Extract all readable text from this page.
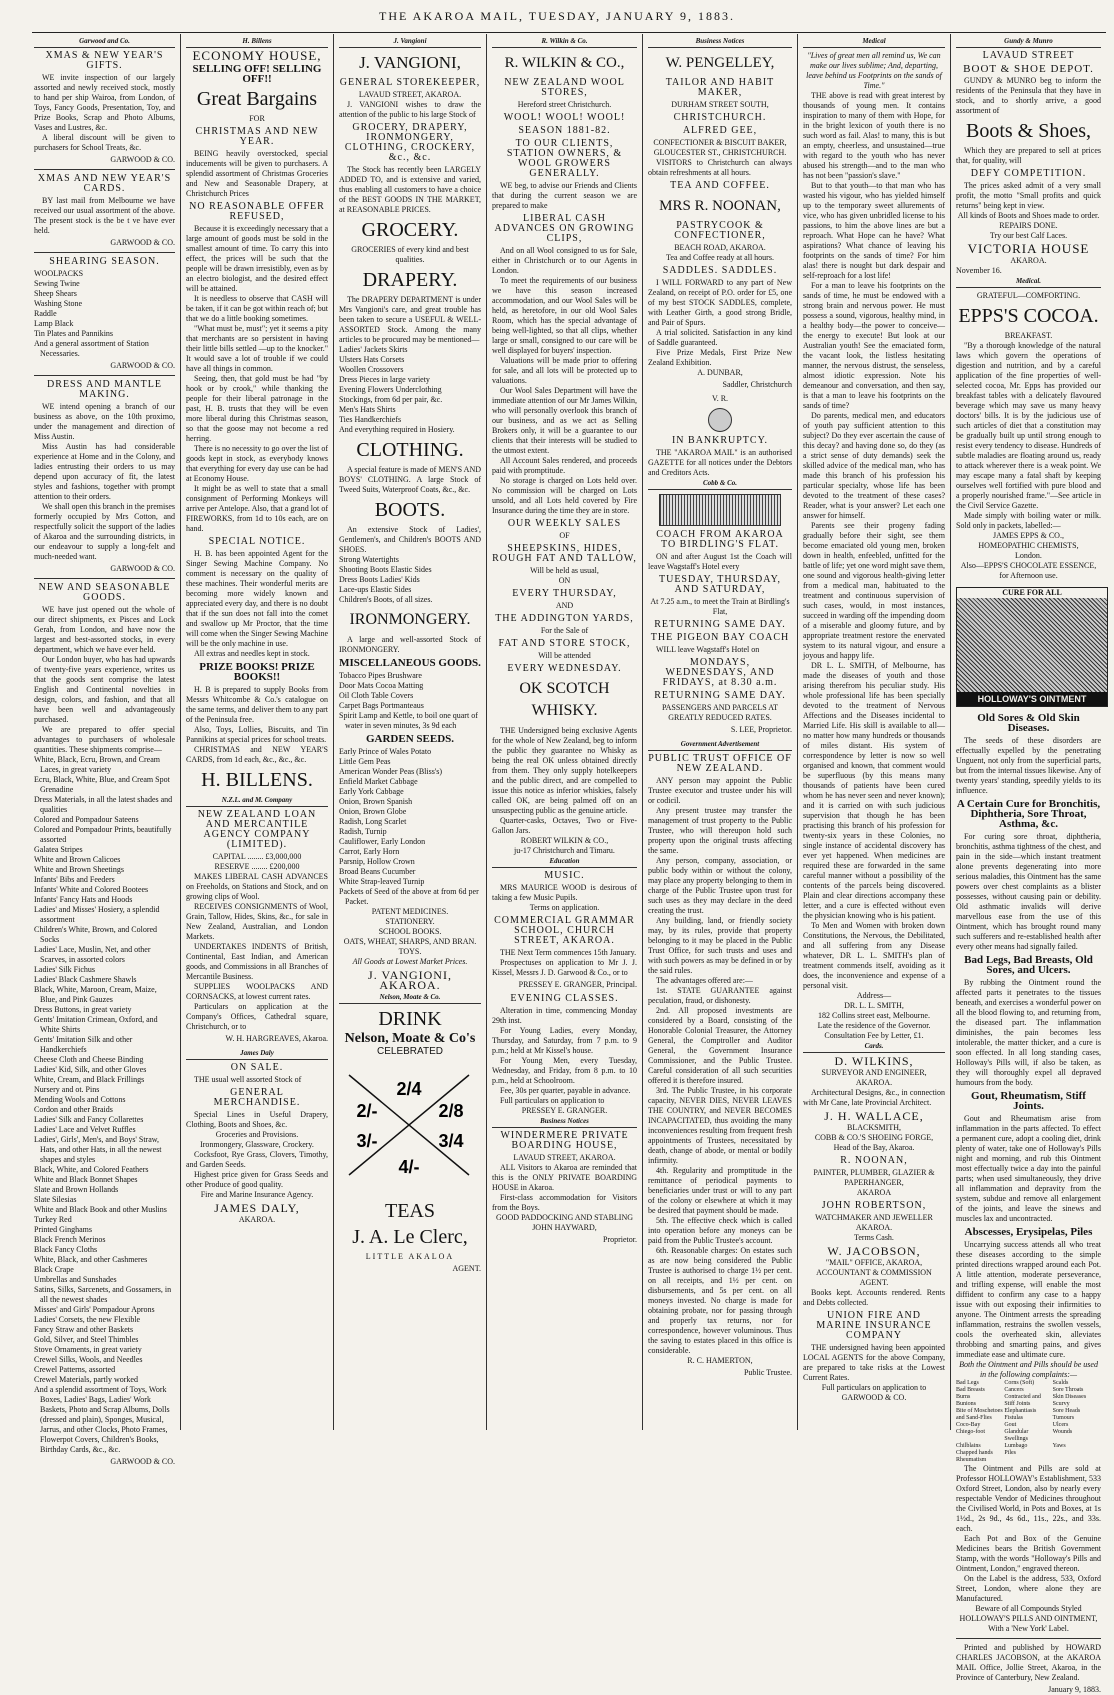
THE AKAROA MAIL, TUESDAY, JANUARY 9, 1883.
Garwood and Co.
XMAS & NEW YEAR'S GIFTS.
WE invite inspection of our largely assorted and newly received stock, mostly to hand per ship Wairoa, from London, of Toys, Fancy Goods, Presentation, Toy, and Prize Books, Scrap and Photo Albums, Vases and Lustres, &c.
A liberal discount will be given to purchasers for School Treats, &c.
GARWOOD & CO.
XMAS AND NEW YEAR'S CARDS.
BY last mail from Melbourne we have received our usual assortment of the above. The present stock is the be t ve have ever held.
GARWOOD & CO.
SHEARING SEASON.
WOOLPACKS
Sewing Twine
Sheep Shears
Washing Stone
Raddle
Lamp Black
Tin Plates and Pannikins
And a general assortment of Station Necessaries.
GARWOOD & CO.
DRESS AND MANTLE MAKING.
WE intend opening a branch of our business as above, on the 10th proximo, under the management and direction of Miss Austin.
Miss Austin has had considerable experience at Home and in the Colony, and ladies entrusting their orders to us may depend upon accuracy of fit, the latest styles and fashions, together with prompt attention to their orders.
We shall open this branch in the premises formerly occupied by Mrs Cotton, and respectfully solicit the support of the ladies of Akaroa and the surrounding districts, in our endeavour to supply a long-felt and much-needed want.
GARWOOD & CO.
NEW AND SEASONABLE GOODS.
WE have just opened out the whole of our direct shipments, ex Pisces and Lock Gerah, from London, and have now the largest and best-assorted stocks, in every department, which we have ever held.
Our London buyer, who has had upwards of twenty-five years experience, writes us that the goods sent comprise the latest English and Continental novelties in design, colors, and fashion, and that all have been well and advantageously purchased.
We are prepared to offer special advantages to purchasers of wholesale quantities. These shipments comprise—
White, Black, Ecru, Brown, and Cream Laces, in great variety
Ecru, Black, White, Blue, and Cream Spot Grenadine
Dress Materials, in all the latest shades and qualities
Colored and Pompadour Sateens
Colored and Pompadour Prints, beautifully assorted
Galatea Stripes
White and Brown Calicoes
White and Brown Sheetings
Infants' Bibs and Feeders
Infants' White and Colored Bootees
Infants' Fancy Hats and Hoods
Ladies' and Misses' Hosiery, a splendid assortment
Children's White, Brown, and Colored Socks
Ladies' Lace, Muslin, Net, and other Scarves, in assorted colors
Ladies' Silk Fichus
Ladies' Black Cashmere Shawls
Black, White, Maroon, Cream, Maize, Blue, and Pink Gauzes
Dress Buttons, in great variety
Gents' Imitation Crimean, Oxford, and White Shirts
Gents' Imitation Silk and other Handkerchiefs
Cheese Cloth and Cheese Binding
Ladies' Kid, Silk, and other Gloves
White, Cream, and Black Frillings
Nursery and ot. Pins
Mending Wools and Cottons
Cordon and other Braids
Ladies' Silk and Fancy Collarettes
Ladies' Lace and Velvet Ruffles
Ladies', Girls', Men's, and Boys' Straw, Hats, and other Hats, in all the newest shapes and styles
Black, White, and Colored Feathers
White and Black Bonnet Shapes
Slate and Brown Hollands
Slate Silesias
White and Black Book and other Muslins
Turkey Red
Printed Ginghams
Black French Merinos
Black Fancy Cloths
White, Black, and other Cashmeres
Black Crape
Umbrellas and Sunshades
Satins, Silks, Sarcenets, and Gossamers, in all the newest shades
Misses' and Girls' Pompadour Aprons
Ladies' Corsets, the new Flexible
Fancy Straw and other Baskets
Gold, Silver, and Steel Thimbles
Stove Ornaments, in great variety
Crewel Silks, Wools, and Needles
Crewel Patterns, assorted
Crewel Materials, partly worked
And a splendid assortment of Toys, Work Boxes, Ladies' Bags, Ladies' Work Baskets, Photo and Scrap Albums, Dolls (dressed and plain), Sponges, Musical, Jarrus, and other Clocks, Photo Frames, Flowerpot Covers, Children's Books, Birthday Cards, &c., &c.
GARWOOD & CO.
H. Billens
ECONOMY HOUSE,
SELLING OFF! SELLING OFF!!
Great Bargains
FOR
CHRISTMAS AND NEW YEAR.
BEING heavily overstocked, special inducements will be given to purchasers. A splendid assortment of Christmas Groceries and New and Seasonable Drapery, at Christchurch Prices
NO REASONABLE OFFER REFUSED,
Because it is exceedingly necessary that a large amount of goods must be sold in the smallest amount of time. To carry this into effect, the prices will be such that the people will be drawn irresistibly, even as by an electro biologist, and the desired effect will be attained.
It is needless to observe that CASH will be taken, if it can be got within reach of; but that we do a little booking sometimes.
"What must be, must"; yet it seems a pity that merchants are so persistent in having their little bills settled —up to the knocker." It would save a lot of trouble if we could have all things in common.
Seeing, then, that gold must be had "by hook or by crook," while thanking the people for their liberal patronage in the past, H. B. trusts that they will be even more liberal during this Christmas season, so that the goose may not become a red herring.
There is no necessity to go over the list of goods kept in stock, as everybody knows that everything for every day use can be had at Economy House.
It might be as well to state that a small consignment of Performing Monkeys will arrive per Antelope. Also, that a grand lot of FIREWORKS, from 1d to 10s each, are on hand.
SPECIAL NOTICE.
H. B. has been appointed Agent for the Singer Sewing Machine Company. No comment is necessary on the quality of these machines. Their wonderful merits are becoming more widely known and appreciated every day, and there is no doubt that if the sun does not fall into the comet and swallow up Mr Proctor, that the time will come when the Singer Sewing Machine will be the only machine in use.
All extras and needles kept in stock.
PRIZE BOOKS! PRIZE BOOKS!!
H. B is prepared to supply Books from Messrs Whitcombe & Co.'s catalogue on the same terms, and deliver them to any part of the Peninsula free.
Also, Toys, Lollies, Biscuits, and Tin Pannikins at special prices for school treats.
CHRISTMAS and NEW YEAR'S CARDS, from 1d each, &c., &c., &c.
H. BILLENS.
N.Z.L. and M. Company
NEW ZEALAND LOAN AND MERCANTILE AGENCY COMPANY (LIMITED).
CAPITAL ........ £3,000,000
RESERVE ........ £200,000
MAKES LIBERAL CASH ADVANCES on Freeholds, on Stations and Stock, and on growing clips of Wool.
RECEIVES CONSIGNMENTS of Wool, Grain, Tallow, Hides, Skins, &c., for sale in New Zealand, Australian, and London Markets.
UNDERTAKES INDENTS of British, Continental, East Indian, and American goods, and Commissions in all Branches of Mercantile Business.
SUPPLIES WOOLPACKS AND CORNSACKS, at lowest current rates.
Particulars on application at the Company's Offices, Cathedral square, Christchurch, or to
W. H. HARGREAVES, Akaroa.
James Daly
ON SALE.
THE usual well assorted Stock of
GENERAL MERCHANDISE.
Special Lines in Useful Drapery, Clothing, Boots and Shoes, &c.
Groceries and Provisions.
Ironmongery, Glassware, Crockery.
Cocksfoot, Rye Grass, Clovers, Timothy, and Garden Seeds.
Highest price given for Grass Seeds and other Produce of good quality.
Fire and Marine Insurance Agency.
JAMES DALY,
AKAROA.
J. Vangioni
J. VANGIONI,
GENERAL STOREKEEPER,
LAVAUD STREET, AKAROA.
J. VANGIONI wishes to draw the attention of the public to his large Stock of
GROCERY, DRAPERY, IRONMONGERY, CLOTHING, CROCKERY, &c., &c.
The Stock has recently been LARGELY ADDED TO, and is extensive and varied, thus enabling all customers to have a choice of the BEST GOODS IN THE MARKET, at REASONABLE PRICES.
GROCERY.
GROCERIES of every kind and best qualities.
DRAPERY.
The DRAPERY DEPARTMENT is under Mrs Vangioni's care, and great trouble has been taken to secure a USEFUL & WELL-ASSORTED Stock. Among the many articles to be procured may be mentioned—
Ladies' Jackets Skirts
Ulsters Hats Corsets
Woollen Crossovers
Dress Pieces in large variety
Evening Flowers Underclothing
Stockings, from 6d per pair, &c.
Men's Hats Shirts
Ties Handkerchiefs
And everything required in Hosiery.
CLOTHING.
A special feature is made of MEN'S AND BOYS' CLOTHING. A large Stock of Tweed Suits, Waterproof Coats, &c., &c.
BOOTS.
An extensive Stock of Ladies', Gentlemen's, and Children's BOOTS AND SHOES.
Strong Watertights
Shooting Boots Elastic Sides
Dress Boots Ladies' Kids
Lace-ups Elastic Sides
Children's Boots, of all sizes.
IRONMONGERY.
A large and well-assorted Stock of IRONMONGERY.
MISCELLANEOUS GOODS.
Tobacco Pipes Brushware
Door Mats Cocoa Matting
Oil Cloth Table Covers
Carpet Bags Portmanteaus
Spirit Lamp and Kettle, to boil one quart of water in seven minutes, 3s 9d each
GARDEN SEEDS.
Early Prince of Wales Potato
Little Gem Peas
American Wonder Peas (Bliss's)
Enfield Market Cabbage
Early York Cabbage
Onion, Brown Spanish
Onion, Brown Globe
Radish, Long Scarlet
Radish, Turnip
Cauliflower, Early London
Carrot, Early Horn
Parsnip, Hollow Crown
Broad Beans Cucumber
White Strap-leaved Turnip
Packets of Seed of the above at from 6d per Packet.
PATENT MEDICINES.
STATIONERY.
SCHOOL BOOKS.
OATS, WHEAT, SHARPS, AND BRAN.
TOYS.
All Goods at Lowest Market Prices.
J. VANGIONI, AKAROA.
Nelson, Moate & Co.
DRINK
Nelson, Moate & Co's
CELEBRATED
2/4
2/-	2/8
3/-	3/4
4/-
TEAS
J. A. Le Clerc,
LITTLE AKALOA
AGENT.
R. Wilkin & Co.
R. WILKIN & CO.,
NEW ZEALAND WOOL STORES,
Hereford street Christchurch.
WOOL! WOOL! WOOL!
SEASON 1881-82.
TO OUR CLIENTS, STATION OWNERS, & WOOL GROWERS GENERALLY.
WE beg, to advise our Friends and Clients that during the current season we are prepared to make
LIBERAL CASH ADVANCES ON GROWING CLIPS,
And on all Wool consigned to us for Sale, either in Christchurch or to our Agents in London.
To meet the requirements of our business we have this season increased accommodation, and our Wool Sales will be held, as heretofore, in our old Wool Sales Room, which has the special advantage of being well-lighted, so that all clips, whether large or small, consigned to our care will be well displayed for buyers' inspection.
Valuations will be made prior to offering for sale, and all lots will be protected up to valuations.
Our Wool Sales Department will have the immediate attention of our Mr James Wilkin, who will personally overlook this branch of our business, and as we act as Selling Brokers only, it will be a guarantee to our clients that their interests will be studied to the utmost extent.
All Account Sales rendered, and proceeds paid with promptitude.
No storage is charged on Lots held over. No commission will be charged on Lots unsold, and all Lots held covered by Fire Insurance during the time they are in store.
OUR WEEKLY SALES
OF
SHEEPSKINS, HIDES, ROUGH FAT AND TALLOW,
Will be held as usual,
ON
EVERY THURSDAY,
AND
THE ADDINGTON YARDS,
For the Sale of
FAT AND STORE STOCK,
Will be attended
EVERY WEDNESDAY.
OK SCOTCH WHISKY.
THE Undersigned being exclusive Agents for the whole of New Zealand, beg to inform the public they guarantee no Whisky as being the real OK unless obtained directly from them. They only supply hotelkeepers and the public direct, and are compelled to issue this notice as inferior whiskies, falsely called OK, are being palmed off on an unsuspecting public as the genuine article.
Quarter-casks, Octaves, Two or Five-Gallon Jars.
ROBERT WILKIN & CO.,
ju-17 Christchurch and Timaru.
Education
MUSIC.
MRS MAURICE WOOD is desirous of taking a few Music Pupils.
Terms on application.
COMMERCIAL GRAMMAR SCHOOL, CHURCH STREET, AKAROA.
THE Next Term commences 15th January.
Prospectuses on application to Mr J. J. Kissel, Messrs J. D. Garwood & Co., or to
PRESSEY E. GRANGER, Principal.
EVENING CLASSES.
Alteration in time, commencing Monday 29th inst.
For Young Ladies, every Monday, Thursday, and Saturday, from 7 p.m. to 9 p.m.; held at Mr Kissel's house.
For Young Men, every Tuesday, Wednesday, and Friday, from 8 p.m. to 10 p.m., held at Schoolroom.
Fee, 30s per quarter, payable in advance.
Full particulars on application to
PRESSEY E. GRANGER.
Business Notices
WINDERMERE PRIVATE BOARDING HOUSE,
LAVAUD STREET, AKAROA.
ALL Visitors to Akaroa are reminded that this is the ONLY PRIVATE BOARDING HOUSE in Akaroa.
First-class accommodation for Visitors from the Boys.
GOOD PADDOCKING AND STABLING
JOHN HAYWARD,
Proprietor.
Business Notices
W. PENGELLEY,
TAILOR AND HABIT MAKER,
DURHAM STREET SOUTH,
CHRISTCHURCH.
ALFRED GEE,
CONFECTIONER & BISCUIT BAKER,
GLOUCESTER ST., CHRISTCHURCH.
VISITORS to Christchurch can always obtain refreshments at all hours.
TEA AND COFFEE.
MRS R. NOONAN,
PASTRYCOOK & CONFECTIONER,
BEACH ROAD, AKAROA.
Tea and Coffee ready at all hours.
SADDLES. SADDLES.
I WILL FORWARD to any part of New Zealand, on receipt of P.O. order for £5, one of my best STOCK SADDLES, complete, with Leather Girth, a good strong Bridle, and Pair of Spurs.
A trial solicited. Satisfaction in any kind of Saddle guaranteed.
Five Prize Medals, First Prize New Zealand Exhibition.
A. DUNBAR,
Saddler, Christchurch
V. R.
IN BANKRUPTCY.
THE "AKAROA MAIL" is an authorised GAZETTE for all notices under the Debtors and Creditors Acts.
Cobb & Co.
COACH FROM AKAROA TO BIRDLING'S FLAT.
ON and after August 1st the Coach will leave Wagstaff's Hotel every
TUESDAY, THURSDAY, AND SATURDAY,
At 7.25 a.m., to meet the Train at Birdling's Flat,
RETURNING SAME DAY.
THE PIGEON BAY COACH
WILL leave Wagstaff's Hotel on
MONDAYS, WEDNESDAYS, AND FRIDAYS, at 8.30 a.m.
RETURNING SAME DAY.
PASSENGERS AND PARCELS AT GREATLY REDUCED RATES.
S. LEE, Proprietor.
Government Advertisement
PUBLIC TRUST OFFICE OF NEW ZEALAND.
ANY person may appoint the Public Trustee executor and trustee under his will or codicil.
Any present trustee may transfer the management of trust property to the Public Trustee, who will thereupon hold such property upon the original trusts affecting the same.
Any person, company, association, or public body within or without the colony, may place any property belonging to them in charge of the Public Trustee upon trust for such uses as they may declare in the deed creating the trust.
Any building, land, or friendly society may, by its rules, provide that property belonging to it may be placed in the Public Trust Office, for such trusts and uses and with such powers as may be defined in or by the said rules.
The advantages offered are:—
1st. STATE GUARANTEE against peculation, fraud, or dishonesty.
2nd. All proposed investments are considered by a Board, consisting of the Honorable Colonial Treasurer, the Attorney General, the Comptroller and Auditor General, the Government Insurance Commissioner, and the Public Trustee. Careful consideration of all such securities offered it is therefore insured.
3rd. The Public Trustee, in his corporate capacity, NEVER DIES, NEVER LEAVES THE COUNTRY, and NEVER BECOMES INCAPACITATED, thus avoiding the many inconveniences resulting from frequent fresh appointments of Trustees, necessitated by death, change of abode, or mental or bodily infirmity.
4th. Regularity and promptitude in the remittance of periodical payments to beneficiaries under trust or will to any part of the colony or elsewhere at which it may be desired that payment should be made.
5th. The effective check which is called into operation before any moneys can be paid from the Public Trustee's account.
6th. Reasonable charges: On estates such as are now being considered the Public Trustee is authorised to charge 1½ per cent. on all receipts, and 1½ per cent. on disbursements, and 5s per cent. on all moneys invested. No charge is made for obtaining probate, nor for passing through and properly tax returns, nor for correspondence, however voluminous. Thus the saving to estates placed in this office is considerable.
R. C. HAMERTON,
Public Trustee.
Medical
"Lives of great men all remind us, We can make our lives sublime; And, departing, leave behind us Footprints on the sands of Time."
THE above is read with great interest by thousands of young men. It contains inspiration to many of them with Hope, for in the bright lexicon of youth there is no such word as fail. Alas! to many, this is but an empty, cheerless, and unsustained—true with regard to the youth who has never abused his strength—and to the man who has not been "passion's slave."
But to that youth—to that man who has wasted his vigour, who has yielded himself up to the temporary sweet allurements of vice, who has given unbridled license to his passions, to him the above lines are but a reproach. What Hope can he have? What aspirations? What chance of leaving his footprints on the sands of time? For him alas! there is nought but dark despair and self-reproach for a lost life!
For a man to leave his footprints on the sands of time, he must be endowed with a strong brain and nervous power. He must possess a sound, vigorous, healthy mind, in a healthy body—the power to conceive—the energy to execute! But look at our Australian youth! See the emaciated form, the vacant look, the listless hesitating manner, the nervous distrust, the senseless, almost idiotic expression. Note his demeanour and conversation, and then say, is that a man to leave his footprints on the sands of time?
Do parents, medical men, and educators of youth pay sufficient attention to this subject? Do they ever ascertain the cause of this decay? and having done so, do they (as a strict sense of duty demands) seek the skilled advice of the medical man, who has made this branch of his profession his particular specialty, whose life has been devoted to the treatment of these cases? Reader, what is your answer? Let each one answer for himself.
Parents see their progeny fading gradually before their sight, see them become emaciated old young men, broken down in health, enfeebled, unfitted for the battle of life; yet one word might save them, one sound and vigorous health-giving letter from a medical man, habituated to the treatment and continuous supervision of such cases, would, in most instances, succeed in warding off the impending doom of a miserable and gloomy future, and by appropriate treatment restore the enervated system to its natural vigour, and ensure a joyous and happy life.
DR L. L. SMITH, of Melbourne, has made the diseases of youth and those arising therefrom his peculiar study. His whole professional life has been specially devoted to the treatment of Nervous Affections and the Diseases incidental to Married Life. His skill is available to all—no matter how many hundreds or thousands of miles distant. His system of correspondence by letter is now so well organised and known, that comment would be superfluous (by this means many thousands of patients have been cured whom he has never seen and never known); and it is carried on with such judicious supervision that though he has been practising this branch of his profession for twenty-six years in these Colonies, no single instance of accidental discovery has ever yet happened. When medicines are required these are forwarded in the same careful manner without a possibility of the contents of the parcels being discovered. Plain and clear directions accompany these letter, and a cure is effected without even the physician knowing who is his patient.
To Men and Women with broken down Constitutions, the Nervous, the Debilitated, and all suffering from any Disease whatever, DR L. L. SMITH's plan of treatment commends itself, avoiding as it does, the inconvenience and expense of a personal visit.
Address—
DR. L. L. SMITH,
182 Collins street east, Melbourne.
Late the residence of the Governor.
Consultation Fee by Letter, £1.
Cards.
D. WILKINS,
SURVEYOR AND ENGINEER, AKAROA.
Architectural Designs, &c., in connection with Mr Cane, late Provincial Architect.
J. H. WALLACE,
BLACKSMITH,
COBB & CO.'S SHOEING FORGE,
Head of the Bay, Akaroa.
R. NOONAN,
PAINTER, PLUMBER, GLAZIER & PAPERHANGER,
AKAROA
JOHN ROBERTSON,
WATCHMAKER AND JEWELLER
AKAROA.
Terms Cash.
W. JACOBSON,
"MAIL" OFFICE, AKAROA,
ACCOUNTANT & COMMISSION AGENT.
Books kept. Accounts rendered. Rents and Debts collected.
UNION FIRE AND MARINE INSURANCE COMPANY
THE undersigned having been appointed LOCAL AGENTS for the above Company, are prepared to take risks at the Lowest Current Rates.
Full particulars on application to
GARWOOD & CO.
Gundy & Munro
LAVAUD STREET
BOOT & SHOE DEPOT.
GUNDY & MUNRO beg to inform the residents of the Peninsula that they have in stock, and to shortly arrive, a good assortment of
Boots & Shoes,
Which they are prepared to sell at prices that, for quality, will
DEFY COMPETITION.
The prices asked admit of a very small profit, the motto "Small profits and quick returns" being kept in view.
All kinds of Boots and Shoes made to order.
REPAIRS DONE.
Try our best Calf Laces.
VICTORIA HOUSE
AKAROA.
November 16.
Medical.
GRATEFUL—COMFORTING.
EPPS'S COCOA.
BREAKFAST.
"By a thorough knowledge of the natural laws which govern the operations of digestion and nutrition, and by a careful application of the fine properties of well-selected cocoa, Mr. Epps has provided our breakfast tables with a delicately flavoured beverage which may save us many heavy doctors' bills. It is by the judicious use of such articles of diet that a constitution may be gradually built up until strong enough to resist every tendency to disease. Hundreds of subtle maladies are floating around us, ready to attack wherever there is a weak point. We may escape many a fatal shaft by keeping ourselves well fortified with pure blood and a properly nourished frame."—See article in the Civil Service Gazette.
Made simply with boiling water or milk. Sold only in packets, labelled:—
JAMES EPPS & CO.,
HOMEOPATHIC CHEMISTS,
London.
Also—EPPS'S CHOCOLATE ESSENCE, for Afternoon use.
CURE FOR ALL
HOLLOWAY'S OINTMENT
Old Sores & Old Skin Diseases.
The seeds of these disorders are effectually expelled by the penetrating Unguent, not only from the superficial parts, but from the internal tissues likewise. Any of twenty years' standing, speedily yields to its influence.
A Certain Cure for Bronchitis, Diphtheria, Sore Throat, Asthma, &c.
For curing sore throat, diphtheria, bronchitis, asthma tightness of the chest, and pain in the side—which instant treatment alone prevents degenerating into more serious maladies, this Ointment has the same powers over chest complaints as a blister possesses, without causing pain or debility. Old asthmatic invalids will derive marvellous ease from the use of this Ointment, which has brought round many such sufferers and re-established health after every other means had signally failed.
Bad Legs, Bad Breasts, Old Sores, and Ulcers.
By rubbing the Ointment round the affected parts it penetrates to the tissues beneath, and exercises a wonderful power on all the blood flowing to, and returning from, the diseased part. The inflammation diminishes, the pain becomes less intolerable, the matter thicker, and a cure is soon effected. In all long standing cases, Holloway's Pills will, if also be taken, as they will thoroughly expel all depraved humours from the body.
Gout, Rheumatism, Stiff Joints.
Gout and Rheumatism arise from inflammation in the parts affected. To effect a permanent cure, adopt a cooling diet, drink plenty of water, take one of Holloway's Pills night and morning, and rub this Ointment most effectually twice a day into the painful parts; when used simultaneously, they drive all inflammation and depravity from the system, subdue and remove all enlargement of the joints, and leave the sinews and muscles lax and uncontracted.
Abscesses, Erysipelas, Piles
Uncarrying success attends all who treat these diseases according to the simple printed directions wrapped around each Pot. A little attention, moderate perseverance, and trifling expense, will enable the most diffident to confirm any case to a happy issue with out exposing their infirmities to anyone. The Ointment arrests the spreading inflammation, restrains the swollen vessels, cools the overheated skin, alleviates throbbing and smarting pains, and gives immediate ease and ultimate cure.
Both the Ointment and Pills should be used in the following complaints:—
Bad Legs	Corns (Soft)	Scalds
Bad Breasts	Cancers	Sore Throats
Burns	Contracted and	Skin Diseases
Bunions	Stiff Joints	Scurvy
Bite of Moschetoes Elephantiasis	Sore Heads
and Sand-Flies	Fistulas	Tumours
Coco-Bay	Gout	Ulcers
Chiego-foot	Glandular Swellings
Wounds
Chilblains	Lumbago	Yaws
Chapped hands	Piles
Rheumatism
The Ointment and Pills are sold at Professor HOLLOWAY's Establishment, 533 Oxford Street, London, also by nearly every respectable Vendor of Medicines throughout the Civilised World, in Pots and Boxes, at 1s 1½d., 2s 9d., 4s 6d., 11s., 22s., and 33s. each.
Each Pot and Box of the Genuine Medicines bears the British Government Stamp, with the words "Holloway's Pills and Ointment, London," engraved thereon.
On the Label is the address, 533, Oxford Street, London, where alone they are Manufactured.
Beware of all Compounds Styled
HOLLOWAY'S PILLS AND OINTMENT,
With a 'New York' Label.
Printed and published by HOWARD CHARLES JACOBSON, at the AKAROA MAIL Office, Jollie Street, Akaroa, in the Province of Canterbury, New Zealand.
January 9, 1883.
